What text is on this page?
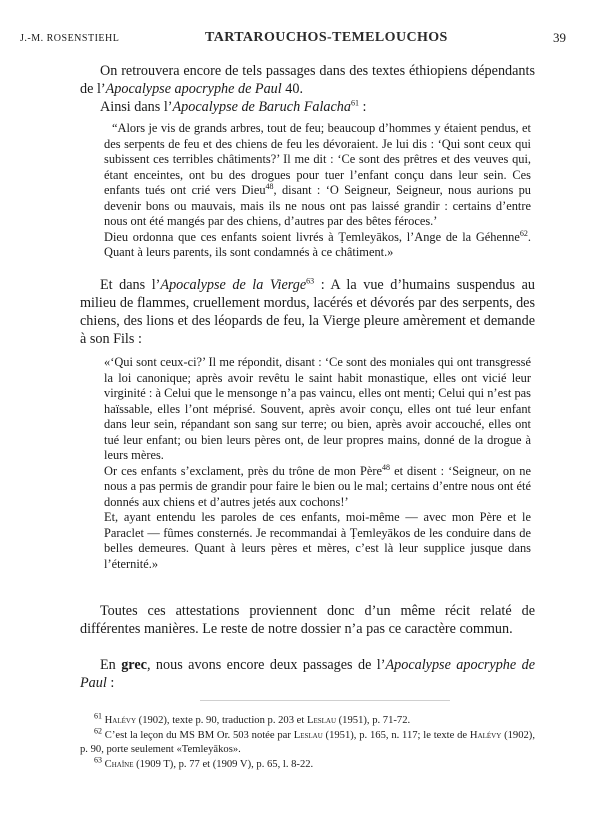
J.-M. ROSENSTIEHL	TARTAROUCHOS-TEMELOUCHOS	39

On retrouvera encore de tels passages dans des textes éthiopiens dépendants de l’Apocalypse apocryphe de Paul 40.

Ainsi dans l’Apocalypse de Baruch Falacha$^{61}$ :

“Alors je vis de grands arbres, tout de feu; beaucoup d’hommes y étaient pendus, et des serpents de feu et des chiens de feu les dévoraient. Je lui dis : ‘Qui sont ceux qui subissent ces terribles châtiments?’ Il me dit : ‘Ce sont des prêtres et des veuves qui, étant enceintes, ont bu des drogues pour tuer l’enfant conçu dans leur sein. Ces enfants tués ont crié vers Dieu$^{48}$, disant : ‘O Seigneur, Seigneur, nous aurions pu devenir bons ou mauvais, mais ils ne nous ont pas laissé grandir : certains d’entre nous ont été mangés par des chiens, d’autres par des bêtes féroces.’

Dieu ordonna que ces enfants soient livrés à Ṭemleyākos, l’Ange de la Géhenne$^{62}$. Quant à leurs parents, ils sont condamnés à ce châtiment.»

Et dans l’Apocalypse de la Vierge$^{63}$ : A la vue d’humains suspendus au milieu de flammes, cruellement mordus, lacérés et dévorés par des serpents, des chiens, des lions et des léopards de feu, la Vierge pleure amèrement et demande à son Fils :

«‘Qui sont ceux-ci?’ Il me répondit, disant : ‘Ce sont des moniales qui ont transgressé la loi canonique; après avoir revêtu le saint habit monastique, elles ont vicié leur virginité : à Celui que le mensonge n’a pas vaincu, elles ont menti; Celui qui n’est pas haïssable, elles l’ont méprisé. Souvent, après avoir conçu, elles ont tué leur enfant dans leur sein, répandant son sang sur terre; ou bien, après avoir accouché, elles ont tué leur enfant; ou bien leurs pères ont, de leur propres mains, donné de la drogue à leurs mères.

Or ces enfants s’exclament, près du trône de mon Père$^{48}$ et disent : ‘Seigneur, on ne nous a pas permis de grandir pour faire le bien ou le mal; certains d’entre nous ont été donnés aux chiens et d’autres jetés aux cochons!’

Et, ayant entendu les paroles de ces enfants, moi-même — avec mon Père et le Paraclet — fûmes consternés. Je recommandai à Ṭemleyākos de les conduire dans de belles demeures. Quant à leurs pères et mères, c’est là leur supplice jusque dans l’éternité.»

Toutes ces attestations proviennent donc d’un même récit relaté de différentes manières. Le reste de notre dossier n’a pas ce caractère commun.

En grec, nous avons encore deux passages de l’Apocalypse apocryphe de Paul :

$^{61}$ Halévy (1902), texte p. 90, traduction p. 203 et Leslau (1951), p. 71-72.

$^{62}$ C’est la leçon du MS BM Or. 503 notée par Leslau (1951), p. 165, n. 117; le texte de Halévy (1902), p. 90, porte seulement «Temleyākos».

$^{63}$ Chaîne (1909 T), p. 77 et (1909 V), p. 65, l. 8-22.
